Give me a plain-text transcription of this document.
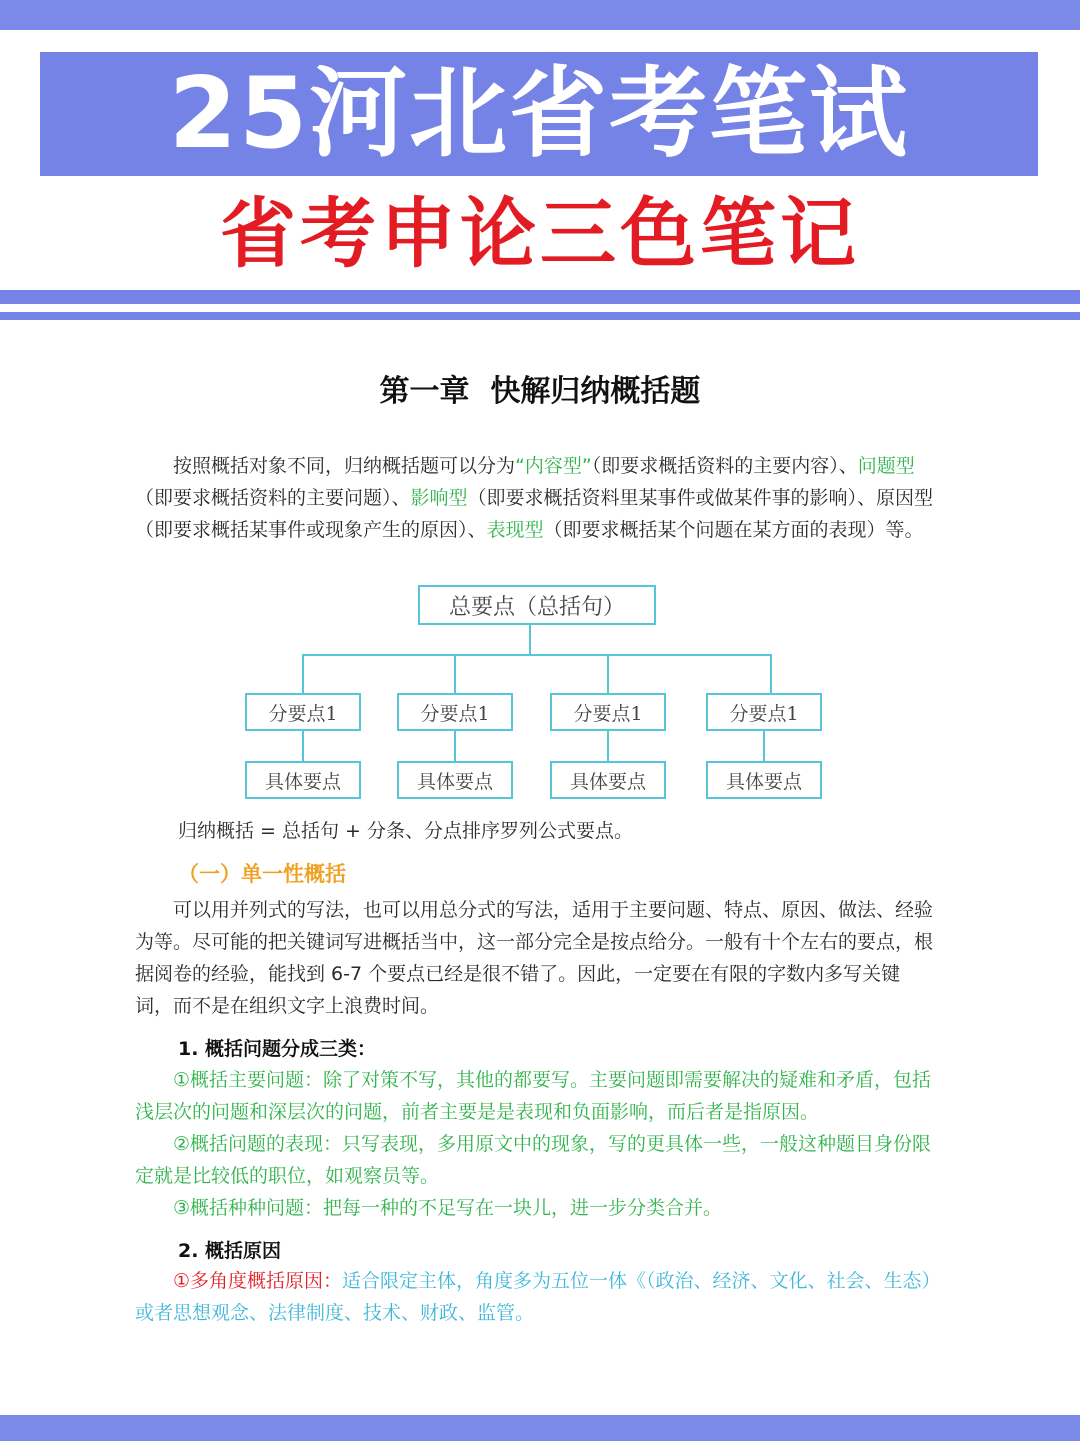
25河北省考笔试
省考申论三色笔记
第一章  快解归纳概括题
按照概括对象不同，归纳概括题可以分为“内容型”（即要求概括资料的主要内容）、问题型（即要求概括资料的主要问题）、影响型（即要求概括资料里某事件或做某件事的影响）、原因型（即要求概括某事件或现象产生的原因）、表现型（即要求概括某个问题在某方面的表现）等。
总要点（总括句）
分要点1	分要点1	分要点1	分要点1
具体要点	具体要点	具体要点	具体要点
归纳概括 = 总括句 + 分条、分点排序罗列公式要点。
（一）单一性概括
可以用并列式的写法，也可以用总分式的写法，适用于主要问题、特点、原因、做法、经验为等。尽可能的把关键词写进概括当中，这一部分完全是按点给分。一般有十个左右的要点，根据阅卷的经验，能找到 6-7 个要点已经是很不错了。因此，一定要在有限的字数内多写关键词，而不是在组织文字上浪费时间。
1. 概括问题分成三类：
①概括主要问题：除了对策不写，其他的都要写。主要问题即需要解决的疑难和矛盾，包括浅层次的问题和深层次的问题，前者主要是是表现和负面影响，而后者是指原因。
②概括问题的表现：只写表现，多用原文中的现象，写的更具体一些，一般这种题目身份限定就是比较低的职位，如观察员等。
③概括种种问题：把每一种的不足写在一块儿，进一步分类合并。
2. 概括原因
①多角度概括原因：适合限定主体，角度多为五位一体《（政治、经济、文化、社会、生态）或者思想观念、法律制度、技术、财政、监管。
